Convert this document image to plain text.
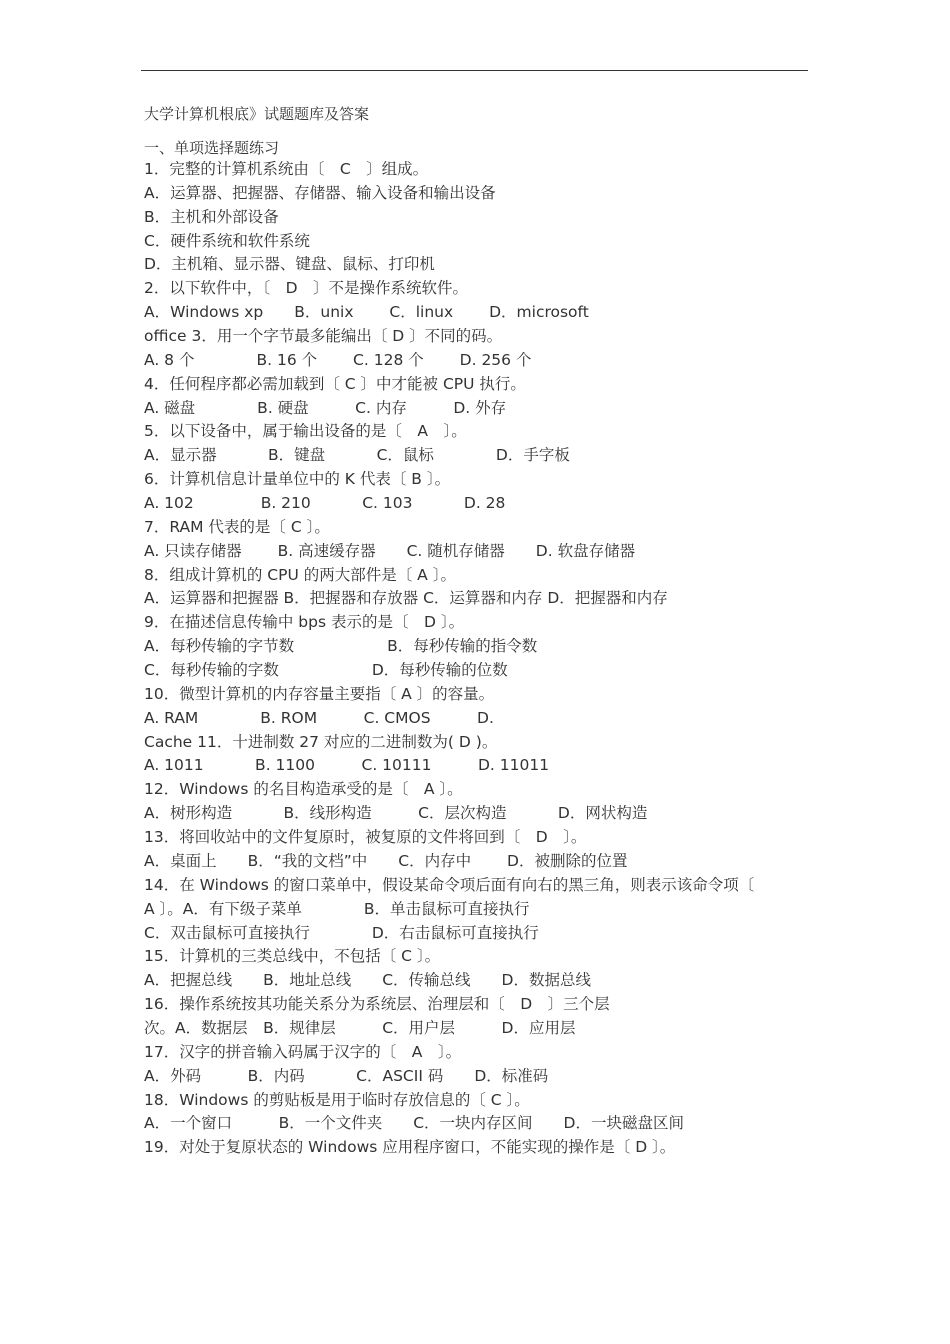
大学计算机根底》试题题库及答案
一、单项选择题练习
1．完整的计算机系统由〔　C　〕组成。
A．运算器、把握器、存储器、输入设备和输出设备
B．主机和外部设备
C．硬件系统和软件系统
D．主机箱、显示器、键盘、鼠标、打印机
2．以下软件中，〔　D　〕不是操作系统软件。
A．Windows xp　　B．unix　　 C．linux　　 D．microsoft
office 3．用一个字节最多能编出〔 D 〕不同的码。
A. 8 个　　　　B. 16 个　　 C. 128 个　　 D. 256 个
4．任何程序都必需加载到〔 C 〕中才能被 CPU 执行。
A. 磁盘　　　　B. 硬盘　　　C. 内存　　　D. 外存
5．以下设备中，属于输出设备的是〔　A　〕。
A．显示器　　　 B．键盘　　　 C．鼠标　　　　D．手字板
6．计算机信息计量单位中的 K 代表〔 B 〕。
A. 102　　　　 B. 210　　　 C. 103　　　 D. 28
7．RAM 代表的是〔 C 〕。
A. 只读存储器　　 B. 高速缓存器　　C. 随机存储器　　D. 软盘存储器
8．组成计算机的 CPU 的两大部件是〔 A 〕。
A．运算器和把握器 B．把握器和存放器 C．运算器和内存 D．把握器和内存
9．在描述信息传输中 bps 表示的是〔　D 〕。
A．每秒传输的字节数　　　　　　B．每秒传输的指令数
C．每秒传输的字数　　　　　　D．每秒传输的位数
10．微型计算机的内存容量主要指〔 A 〕的容量。
A. RAM　　　　B. ROM　　　C. CMOS　　　D.
Cache 11．十进制数 27 对应的二进制数为( D )。
A. 1011　　　 B. 1100　　　C. 10111　　　D. 11011
12．Windows 的名目构造承受的是〔　A 〕。
A．树形构造　　　 B．线形构造　　　C．层次构造　　　 D．网状构造
13．将回收站中的文件复原时，被复原的文件将回到〔　D　〕。
A．桌面上　　B．“我的文档”中　　C．内存中　　 D．被删除的位置
14．在 Windows 的窗口菜单中，假设某命令项后面有向右的黑三角，则表示该命令项〔
A 〕。A．有下级子菜单　　　　B．单击鼠标可直接执行
C．双击鼠标可直接执行　　　　D．右击鼠标可直接执行
15．计算机的三类总线中，不包括〔 C 〕。
A．把握总线　　B．地址总线　　C．传输总线　　D．数据总线
16．操作系统按其功能关系分为系统层、治理层和〔　D　〕三个层
次。A．数据层　B．规律层　　　C．用户层　　　D．应用层
17．汉字的拼音输入码属于汉字的〔　A　〕。
A．外码　　　B．内码　　　 C．ASCII 码　　D．标准码
18．Windows 的剪贴板是用于临时存放信息的〔 C 〕。
A．一个窗口　　　B．一个文件夹　　C．一块内存区间　　D．一块磁盘区间
19．对处于复原状态的 Windows 应用程序窗口，不能实现的操作是〔 D 〕。
